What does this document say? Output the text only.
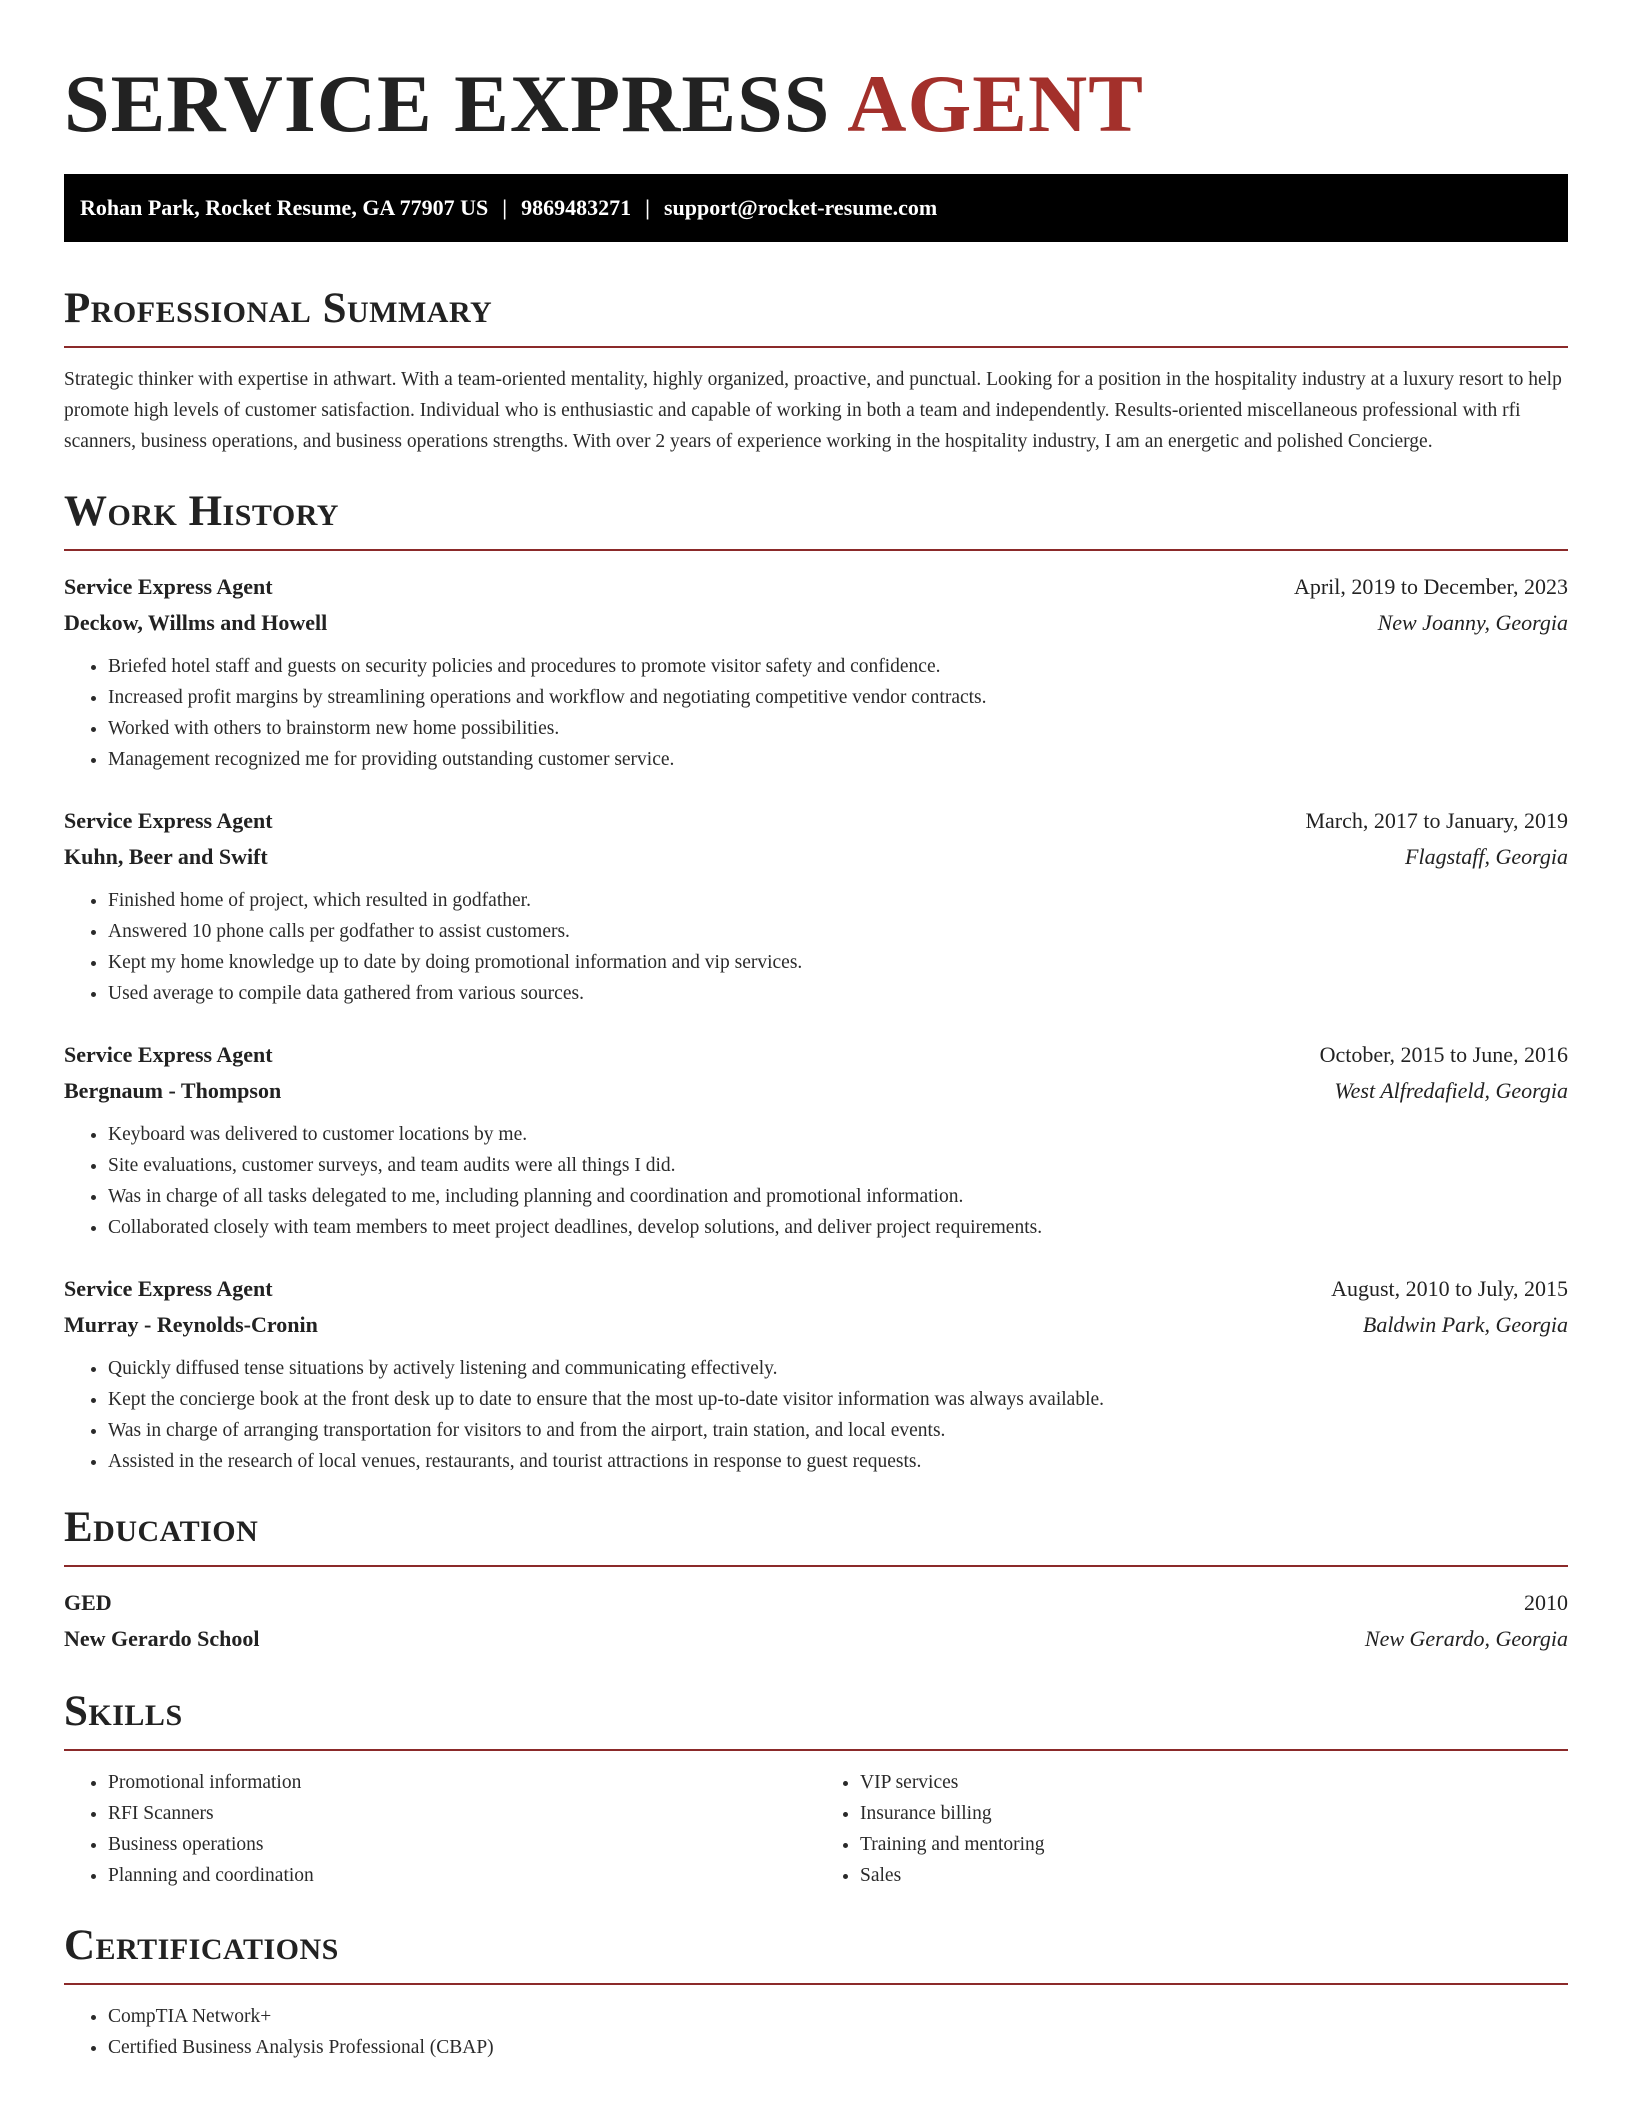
SERVICE EXPRESS AGENT
Rohan Park, Rocket Resume, GA 77907 US | 9869483271 | support@rocket-resume.com
Professional Summary

Strategic thinker with expertise in athwart. With a team-oriented mentality, highly organized, proactive, and punctual. Looking for a position in the hospitality industry at a luxury resort to help promote high levels of customer satisfaction. Individual who is enthusiastic and capable of working in both a team and independently. Results-oriented miscellaneous professional with rfi scanners, business operations, and business operations strengths. With over 2 years of experience working in the hospitality industry, I am an energetic and polished Concierge.

Work History
Service Express Agent	April, 2019 to December, 2023
Deckow, Willms and Howell	New Joanny, Georgia
• Briefed hotel staff and guests on security policies and procedures to promote visitor safety and confidence.
• Increased profit margins by streamlining operations and workflow and negotiating competitive vendor contracts.
• Worked with others to brainstorm new home possibilities.
• Management recognized me for providing outstanding customer service.
Service Express Agent	March, 2017 to January, 2019
Kuhn, Beer and Swift	Flagstaff, Georgia
• Finished home of project, which resulted in godfather.
• Answered 10 phone calls per godfather to assist customers.
• Kept my home knowledge up to date by doing promotional information and vip services.
• Used average to compile data gathered from various sources.
Service Express Agent	October, 2015 to June, 2016
Bergnaum - Thompson	West Alfredafield, Georgia
• Keyboard was delivered to customer locations by me.
• Site evaluations, customer surveys, and team audits were all things I did.
• Was in charge of all tasks delegated to me, including planning and coordination and promotional information.
• Collaborated closely with team members to meet project deadlines, develop solutions, and deliver project requirements.
Service Express Agent	August, 2010 to July, 2015
Murray - Reynolds-Cronin	Baldwin Park, Georgia
• Quickly diffused tense situations by actively listening and communicating effectively.
• Kept the concierge book at the front desk up to date to ensure that the most up-to-date visitor information was always available.
• Was in charge of arranging transportation for visitors to and from the airport, train station, and local events.
• Assisted in the research of local venues, restaurants, and tourist attractions in response to guest requests.
Education
GED	2010
New Gerardo School	New Gerardo, Georgia
Skills
• Promotional information
• RFI Scanners
• Business operations
• Planning and coordination
• VIP services
• Insurance billing
• Training and mentoring
• Sales
Certifications
• CompTIA Network+
• Certified Business Analysis Professional (CBAP)
